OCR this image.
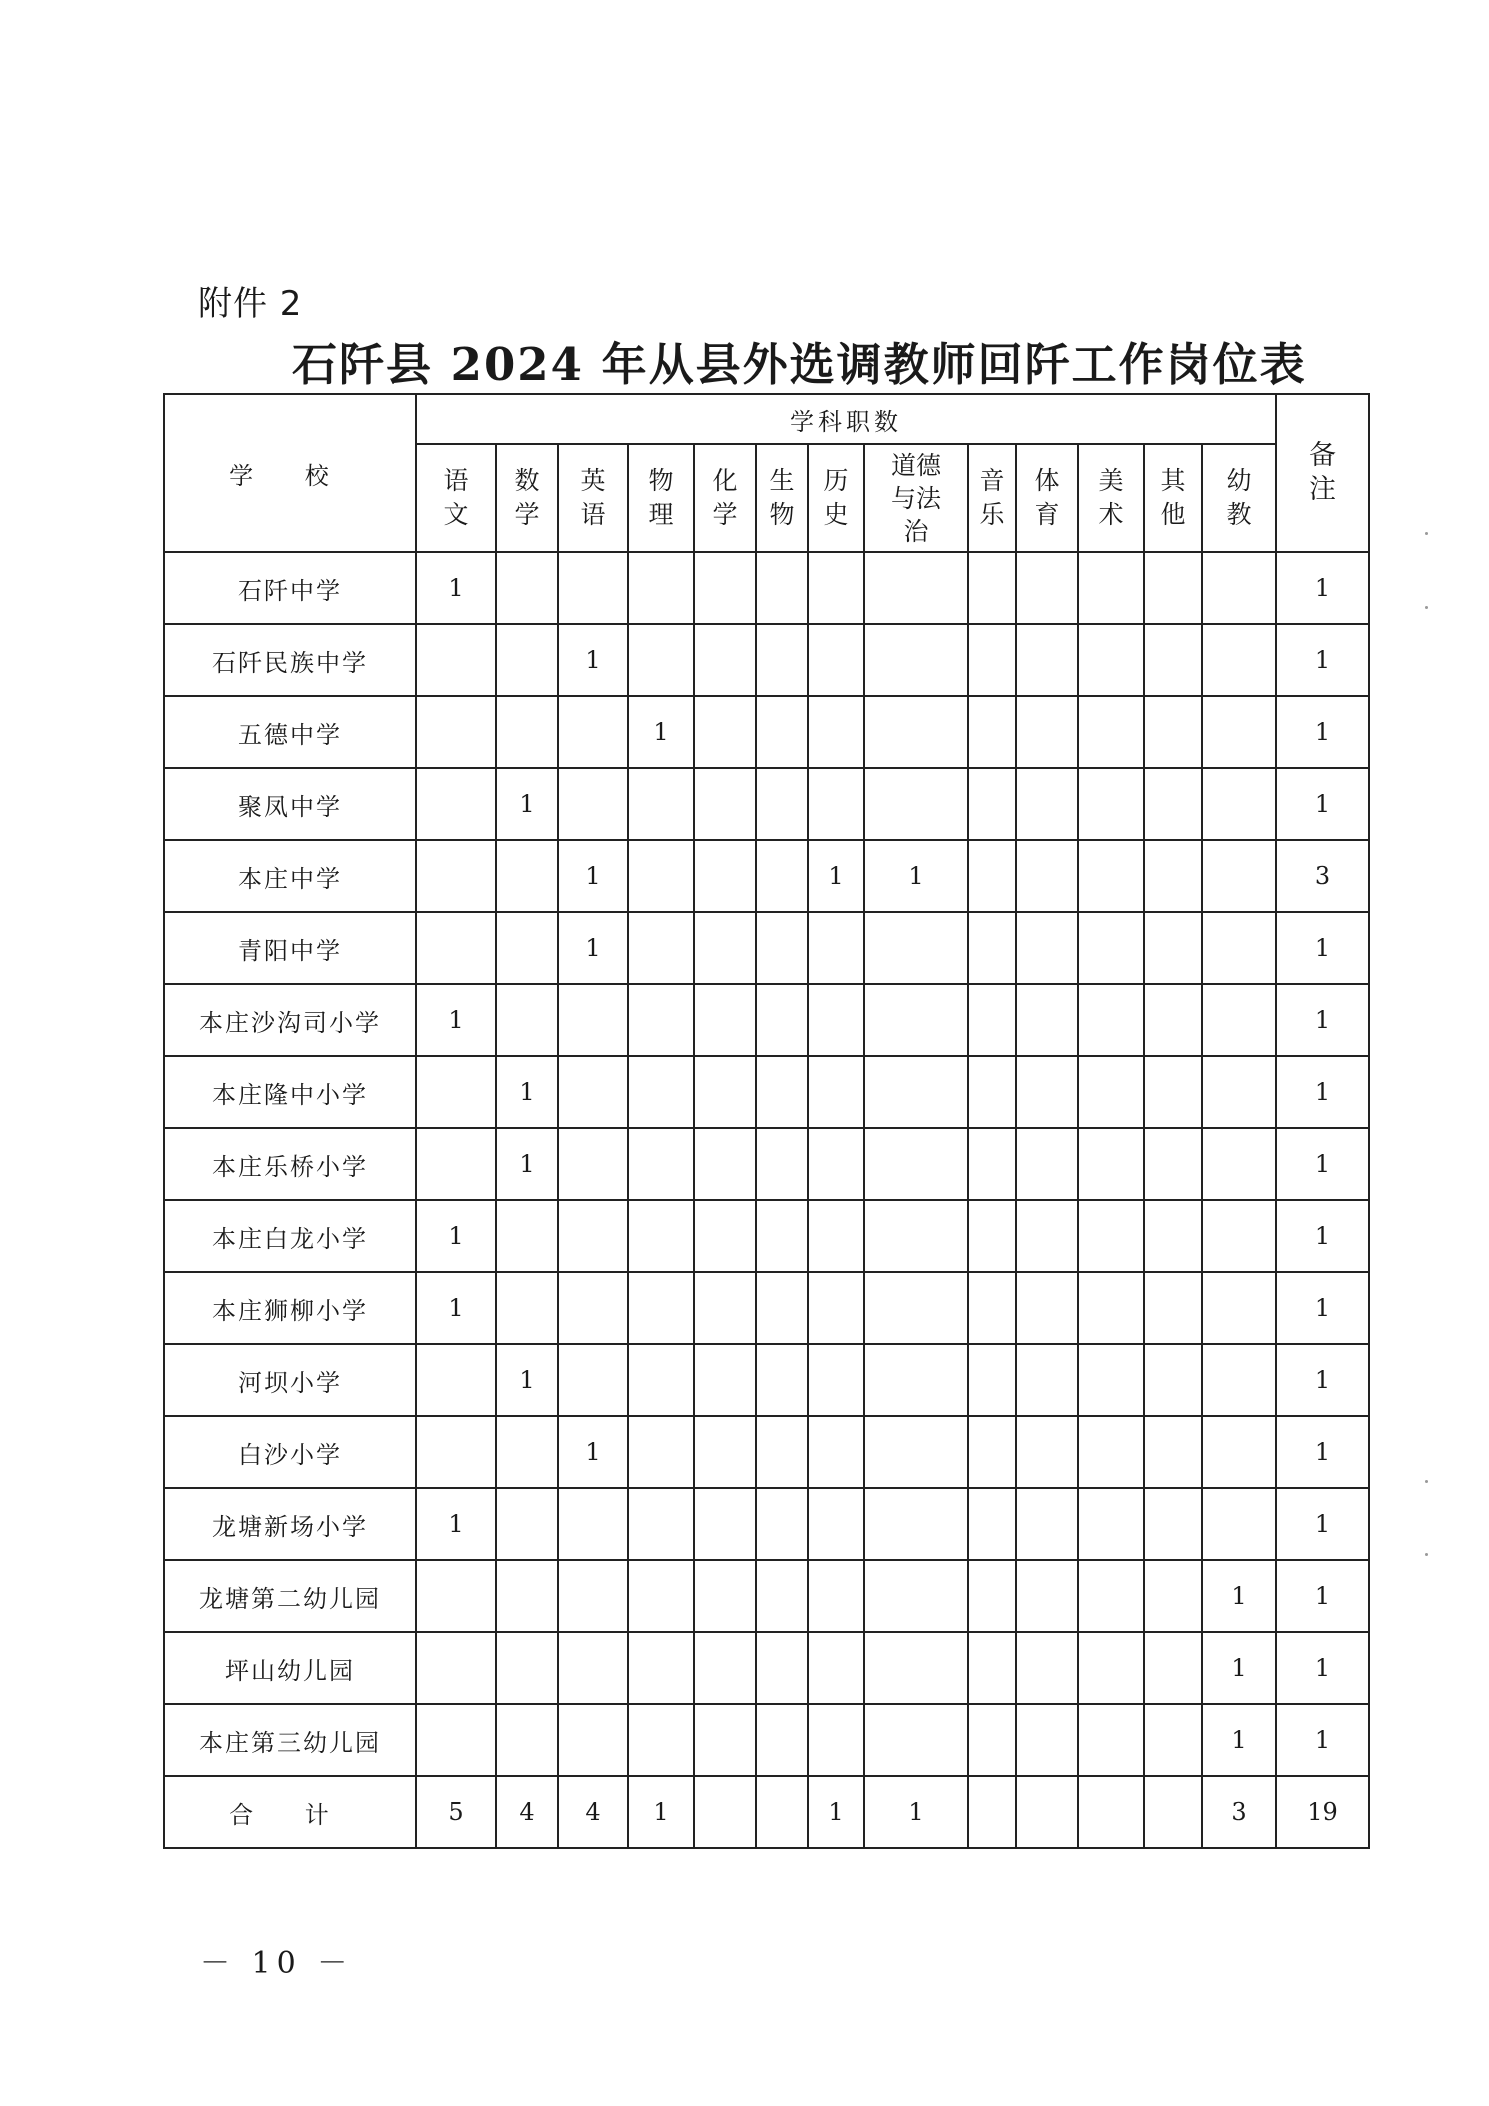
附件 2
石阡县 2024 年从县外选调教师回阡工作岗位表
学 校	学科职数													备注
	语文	数学	英语	物理	化学	生物	历史	道德与法治	音乐	体育	美术	其他	幼教	
石阡中学	1													1
石阡民族中学			1											1
五德中学				1										1
聚凤中学		1												1
本庄中学			1				1	1						3
青阳中学			1											1
本庄沙沟司小学	1													1
本庄隆中小学		1												1
本庄乐桥小学		1												1
本庄白龙小学	1													1
本庄狮柳小学	1													1
河坝小学		1												1
白沙小学			1											1
龙塘新场小学	1													1
龙塘第二幼儿园													1	1
坪山幼儿园													1	1
本庄第三幼儿园													1	1
合 计	5	4	4	1			1	1					3	19
－ 10 －
